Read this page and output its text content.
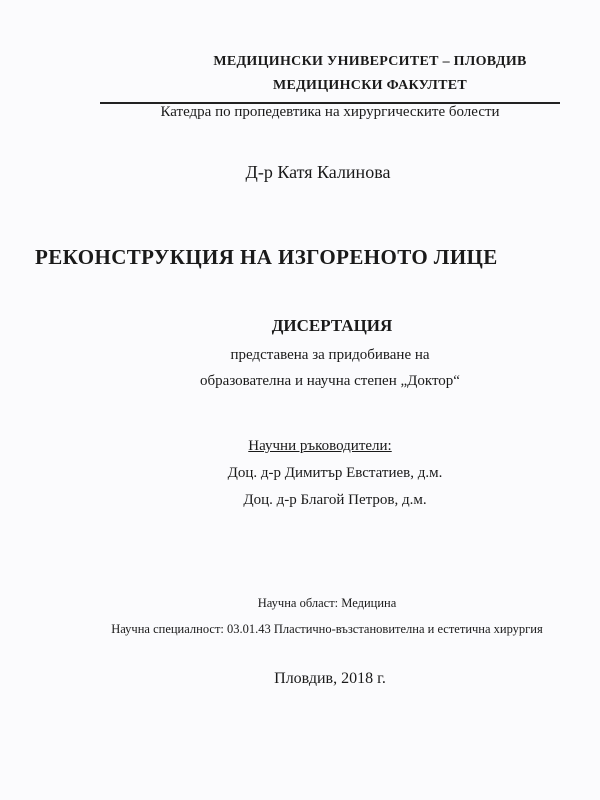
МЕДИЦИНСКИ УНИВЕРСИТЕТ – ПЛОВДИВ
МЕДИЦИНСКИ ФАКУЛТЕТ
Катедра по пропедевтика на хирургическите болести
Д-р Катя Калинова
РЕКОНСТРУКЦИЯ НА ИЗГОРЕНОТО ЛИЦЕ
ДИСЕРТАЦИЯ
представена за придобиване на
образователна и научна степен „Доктор“
Научни ръководители:
Доц. д-р Димитър Евстатиев, д.м.
Доц. д-р Благой Петров, д.м.
Научна област: Медицина
Научна специалност: 03.01.43 Пластично-възстановителна и естетична хирургия
Пловдив, 2018 г.
